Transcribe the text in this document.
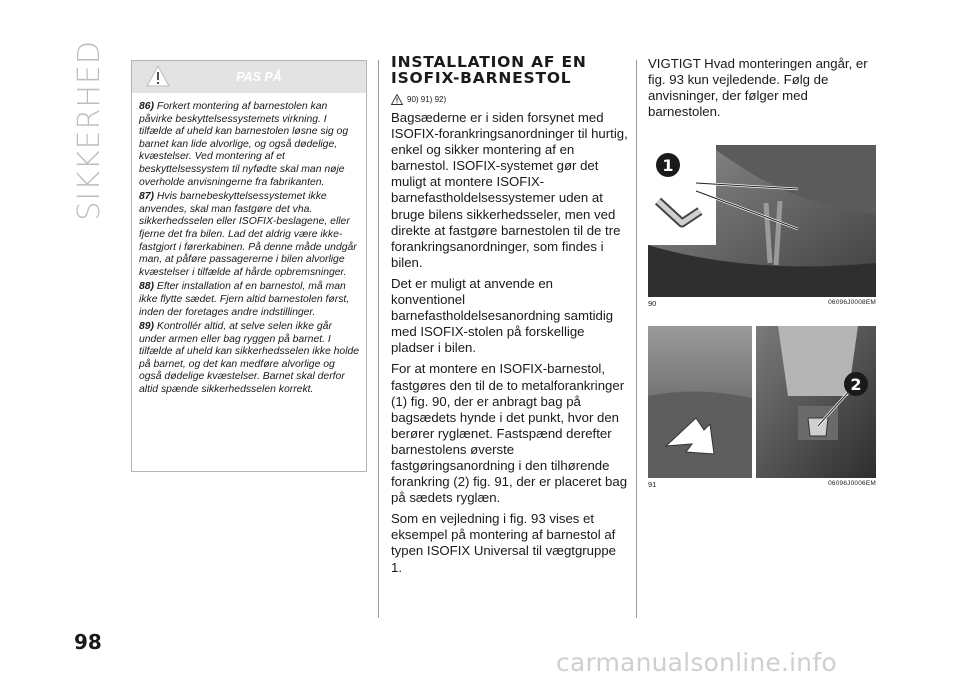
SIKKERHED	PAS PÅ

86) Forkert montering af barnestolen kan påvirke beskyttelsessystemets virkning. I tilfælde af uheld kan barnestolen løsne sig og barnet kan lide alvorlige, og også dødelige, kvæstelser. Ved montering af et beskyttelsessystem til nyfødte skal man nøje overholde anvisningerne fra fabrikanten.

87) Hvis barnebeskyttelsessystemet ikke anvendes, skal man fastgøre det vha. sikkerhedsselen eller ISOFIX-beslagene, eller fjerne det fra bilen. Lad det aldrig være ikke-fastgjort i førerkabinen. På denne måde undgår man, at påføre passagererne i bilen alvorlige kvæstelser i tilfælde af hårde opbremsninger.

88) Efter installation af en barnestol, må man ikke flytte sædet. Fjern altid barnestolen først, inden der foretages andre indstillinger.

89) Kontrollér altid, at selve selen ikke går under armen eller bag ryggen på barnet. I tilfælde af uheld kan sikkerhedsselen ikke holde på barnet, og det kan medføre alvorlige og også dødelige kvæstelser. Barnet skal derfor altid spænde sikkerhedsselen korrekt.

INSTALLATION AF EN
ISOFIX-BARNESTOL
90) 91) 92)

Bagsæderne er i siden forsynet med ISOFIX-forankringsanordninger til hurtig, enkel og sikker montering af en barnestol. ISOFIX-systemet gør det muligt at montere ISOFIX-barnefastholdelsessystemer uden at bruge bilens sikkerhedsseler, men ved direkte at fastgøre barnestolen til de tre forankringsanordninger, som findes i bilen.

Det er muligt at anvende en konventionel barnefastholdelsesanordning samtidig med ISOFIX-stolen på forskellige pladser i bilen.

For at montere en ISOFIX-barnestol, fastgøres den til de to metalforankringer (1) fig. 90, der er anbragt bag på bagsædets hynde i det punkt, hvor den berører ryglænet. Fastspænd derefter barnestolens øverste fastgøringsanordning i den tilhørende forankring (2) fig. 91, der er placeret bag på sædets ryglæn.

Som en vejledning i fig. 93 vises et eksempel på montering af barnestol af typen ISOFIX Universal til vægtgruppe 1.

VIGTIGT Hvad monteringen angår, er fig. 93 kun vejledende. Følg de anvisninger, der følger med barnestolen.

1
90	06096J0008EM
2
91	06096J0006EM
98
carmanualsonline.info
